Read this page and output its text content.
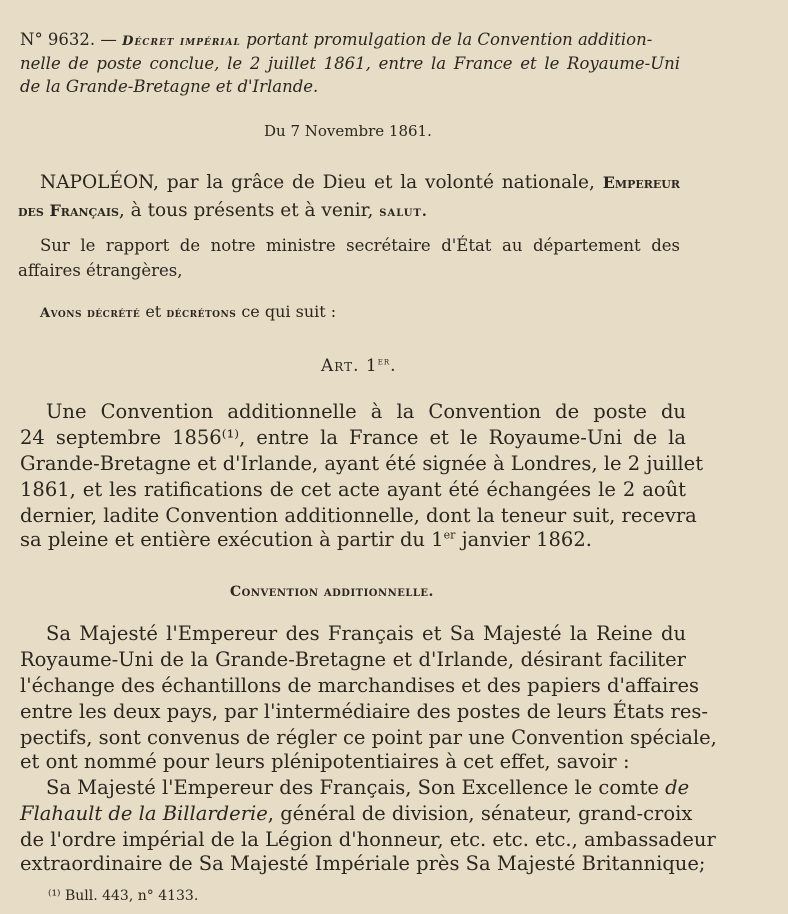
N° 9632. — Décret impérial portant promulgation de la Convention addition-
nelle de poste conclue, le 2 juillet 1861, entre la France et le Royaume-Uni
de la Grande-Bretagne et d'Irlande.
Du 7 Novembre 1861.
NAPOLÉON, par la grâce de Dieu et la volonté nationale, Empereur
des Français, à tous présents et à venir, salut.
Sur le rapport de notre ministre secrétaire d'État au département des
affaires étrangères,
Avons décrété et décrétons ce qui suit :
Art. 1er.
Une Convention additionnelle à la Convention de poste du
24 septembre 1856⁽¹⁾, entre la France et le Royaume-Uni de la
Grande-Bretagne et d'Irlande, ayant été signée à Londres, le 2 juillet
1861, et les ratifications de cet acte ayant été échangées le 2 août
dernier, ladite Convention additionnelle, dont la teneur suit, recevra
sa pleine et entière exécution à partir du 1er janvier 1862.
Convention additionnelle.
Sa Majesté l'Empereur des Français et Sa Majesté la Reine du
Royaume-Uni de la Grande-Bretagne et d'Irlande, désirant faciliter
l'échange des échantillons de marchandises et des papiers d'affaires
entre les deux pays, par l'intermédiaire des postes de leurs États res-
pectifs, sont convenus de régler ce point par une Convention spéciale,
et ont nommé pour leurs plénipotentiaires à cet effet, savoir :
Sa Majesté l'Empereur des Français, Son Excellence le comte de
Flahault de la Billarderie, général de division, sénateur, grand-croix
de l'ordre impérial de la Légion d'honneur, etc. etc. etc., ambassadeur
extraordinaire de Sa Majesté Impériale près Sa Majesté Britannique;
⁽¹⁾ Bull. 443, n° 4133.
